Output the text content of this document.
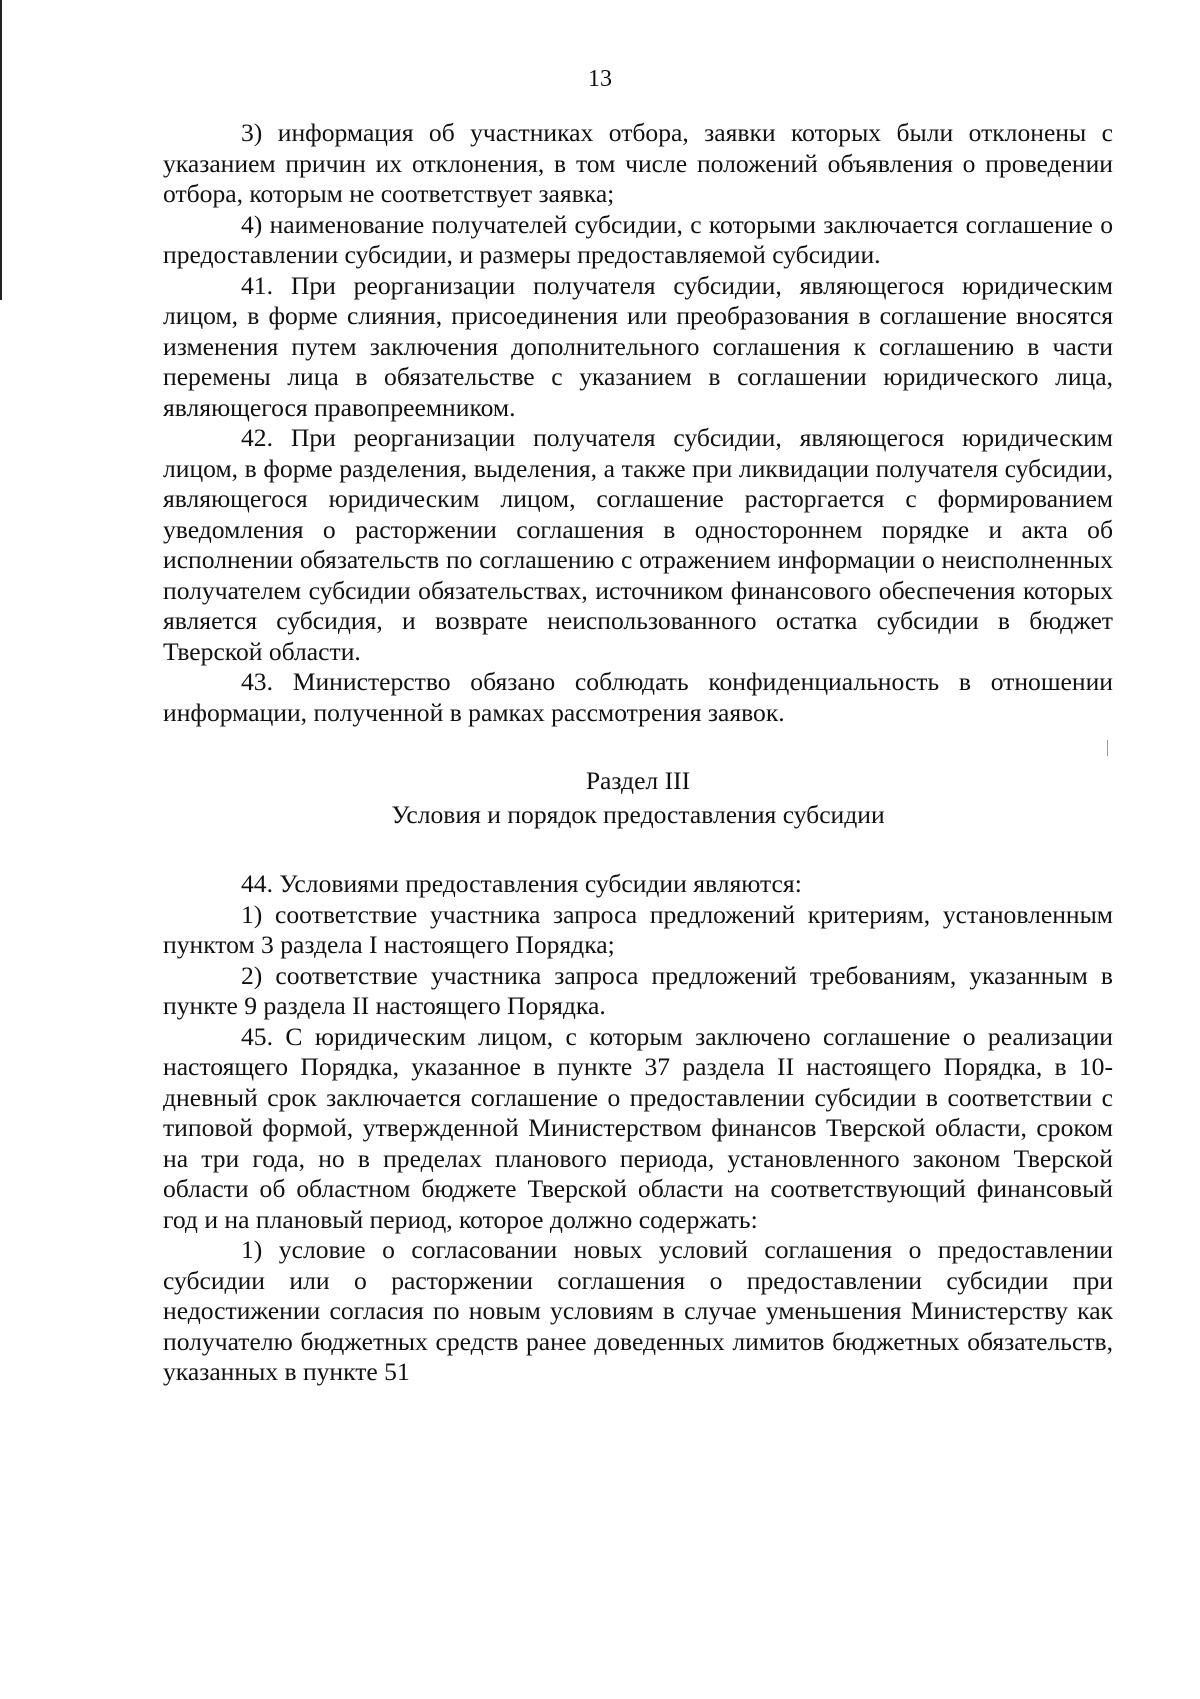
13

3) информация об участниках отбора, заявки которых были отклонены с указанием причин их отклонения, в том числе положений объявления о проведении отбора, которым не соответствует заявка;

4) наименование получателей субсидии, с которыми заключается соглашение о предоставлении субсидии, и размеры предоставляемой субсидии.

41. При реорганизации получателя субсидии, являющегося юридическим лицом, в форме слияния, присоединения или преобразования в соглашение вносятся изменения путем заключения дополнительного соглашения к соглашению в части перемены лица в обязательстве с указанием в соглашении юридического лица, являющегося правопреемником.

42. При реорганизации получателя субсидии, являющегося юридическим лицом, в форме разделения, выделения, а также при ликвидации получателя субсидии, являющегося юридическим лицом, соглашение расторгается с формированием уведомления о расторжении соглашения в одностороннем порядке и акта об исполнении обязательств по соглашению с отражением информации о неисполненных получателем субсидии обязательствах, источником финансового обеспечения которых является субсидия, и возврате неиспользованного остатка субсидии в бюджет Тверской области.

43. Министерство обязано соблюдать конфиденциальность в отношении информации, полученной в рамках рассмотрения заявок.

Раздел III

Условия и порядок предоставления субсидии

44. Условиями предоставления субсидии являются:

1) соответствие участника запроса предложений критериям, установленным пунктом 3 раздела I настоящего Порядка;

2) соответствие участника запроса предложений требованиям, указанным в пункте 9 раздела II настоящего Порядка.

45. С юридическим лицом, с которым заключено соглашение о реализации настоящего Порядка, указанное в пункте 37 раздела II настоящего Порядка, в 10-дневный срок заключается соглашение о предоставлении субсидии в соответствии с типовой формой, утвержденной Министерством финансов Тверской области, сроком на три года, но в пределах планового периода, установленного законом Тверской области об областном бюджете Тверской области на соответствующий финансовый год и на плановый период, которое должно содержать:

1) условие о согласовании новых условий соглашения о предоставлении субсидии или о расторжении соглашения о предоставлении субсидии при недостижении согласия по новым условиям в случае уменьшения Министерству как получателю бюджетных средств ранее доведенных лимитов бюджетных обязательств, указанных в пункте 51
